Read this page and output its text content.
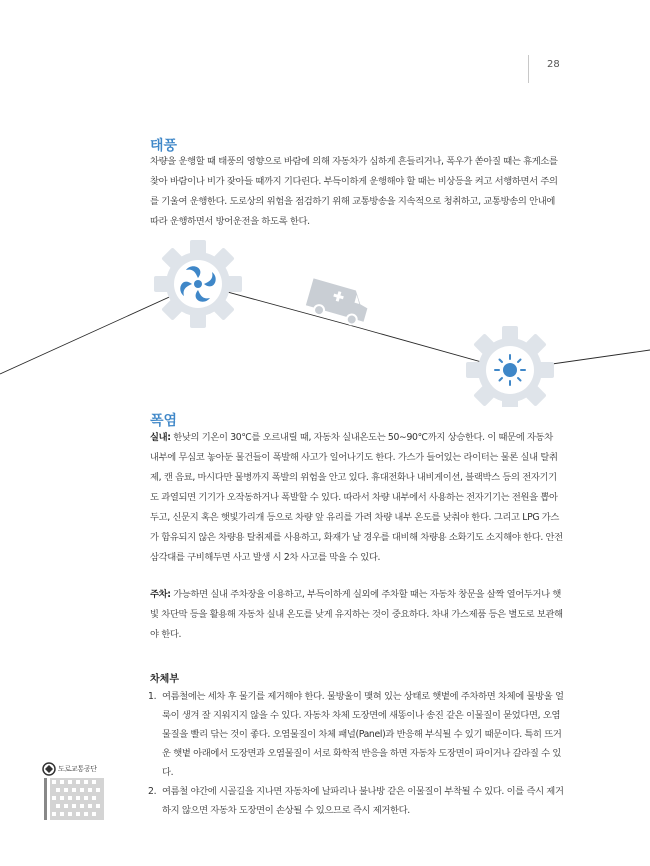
28
태풍

차량을 운행할 때 태풍의 영향으로 바람에 의해 자동차가 심하게 흔들리거나, 폭우가 쏟아질 때는 휴게소를 찾아 바람이나 비가 잦아들 때까지 기다린다. 부득이하게 운행해야 할 때는 비상등을 켜고 서행하면서 주의를 기울여 운행한다. 도로상의 위험을 점검하기 위해 교통방송을 지속적으로 청취하고, 교통방송의 안내에 따라 운행하면서 방어운전을 하도록 한다.

폭염

실내: 한낮의 기온이 30℃를 오르내릴 때, 자동차 실내온도는 50∼90℃까지 상승한다. 이 때문에 자동차 내부에 무심코 놓아둔 물건들이 폭발해 사고가 일어나기도 한다. 가스가 들어있는 라이터는 물론 실내 탈취제, 캔 음료, 마시다만 물병까지 폭발의 위험을 안고 있다. 휴대전화나 내비게이션, 블랙박스 등의 전자기기도 과열되면 기기가 오작동하거나 폭발할 수 있다. 따라서 차량 내부에서 사용하는 전자기기는 전원을 뽑아두고, 신문지 혹은 햇빛가리개 등으로 차량 앞 유리를 가려 차량 내부 온도를 낮춰야 한다. 그리고 LPG 가스가 함유되지 않은 차량용 탈취제를 사용하고, 화재가 날 경우를 대비해 차량용 소화기도 소지해야 한다. 안전삼각대를 구비해두면 사고 발생 시 2차 사고를 막을 수 있다.

주차: 가능하면 실내 주차장을 이용하고, 부득이하게 실외에 주차할 때는 자동차 창문을 살짝 열어두거나 햇빛 차단막 등을 활용해 자동차 실내 온도를 낮게 유지하는 것이 중요하다. 차내 가스제품 등은 별도로 보관해야 한다.

차체부
1. 여름철에는 세차 후 물기를 제거해야 한다. 물방울이 맺혀 있는 상태로 햇볕에 주차하면 차체에 물방울 얼룩이 생겨 잘 지워지지 않을 수 있다. 자동차 차체 도장면에 새똥이나 송진 같은 이물질이 묻었다면, 오염물질을 빨리 닦는 것이 좋다. 오염물질이 차체 패널(Panel)과 반응해 부식될 수 있기 때문이다. 특히 뜨거운 햇볕 아래에서 도장면과 오염물질이 서로 화학적 반응을 하면 자동차 도장면이 파이거나 갈라질 수 있다.
2. 여름철 야간에 시골길을 지나면 자동차에 날파리나 불나방 같은 이물질이 부착될 수 있다. 이를 즉시 제거하지 않으면 자동차 도장면이 손상될 수 있으므로 즉시 제거한다.
도로교통공단
